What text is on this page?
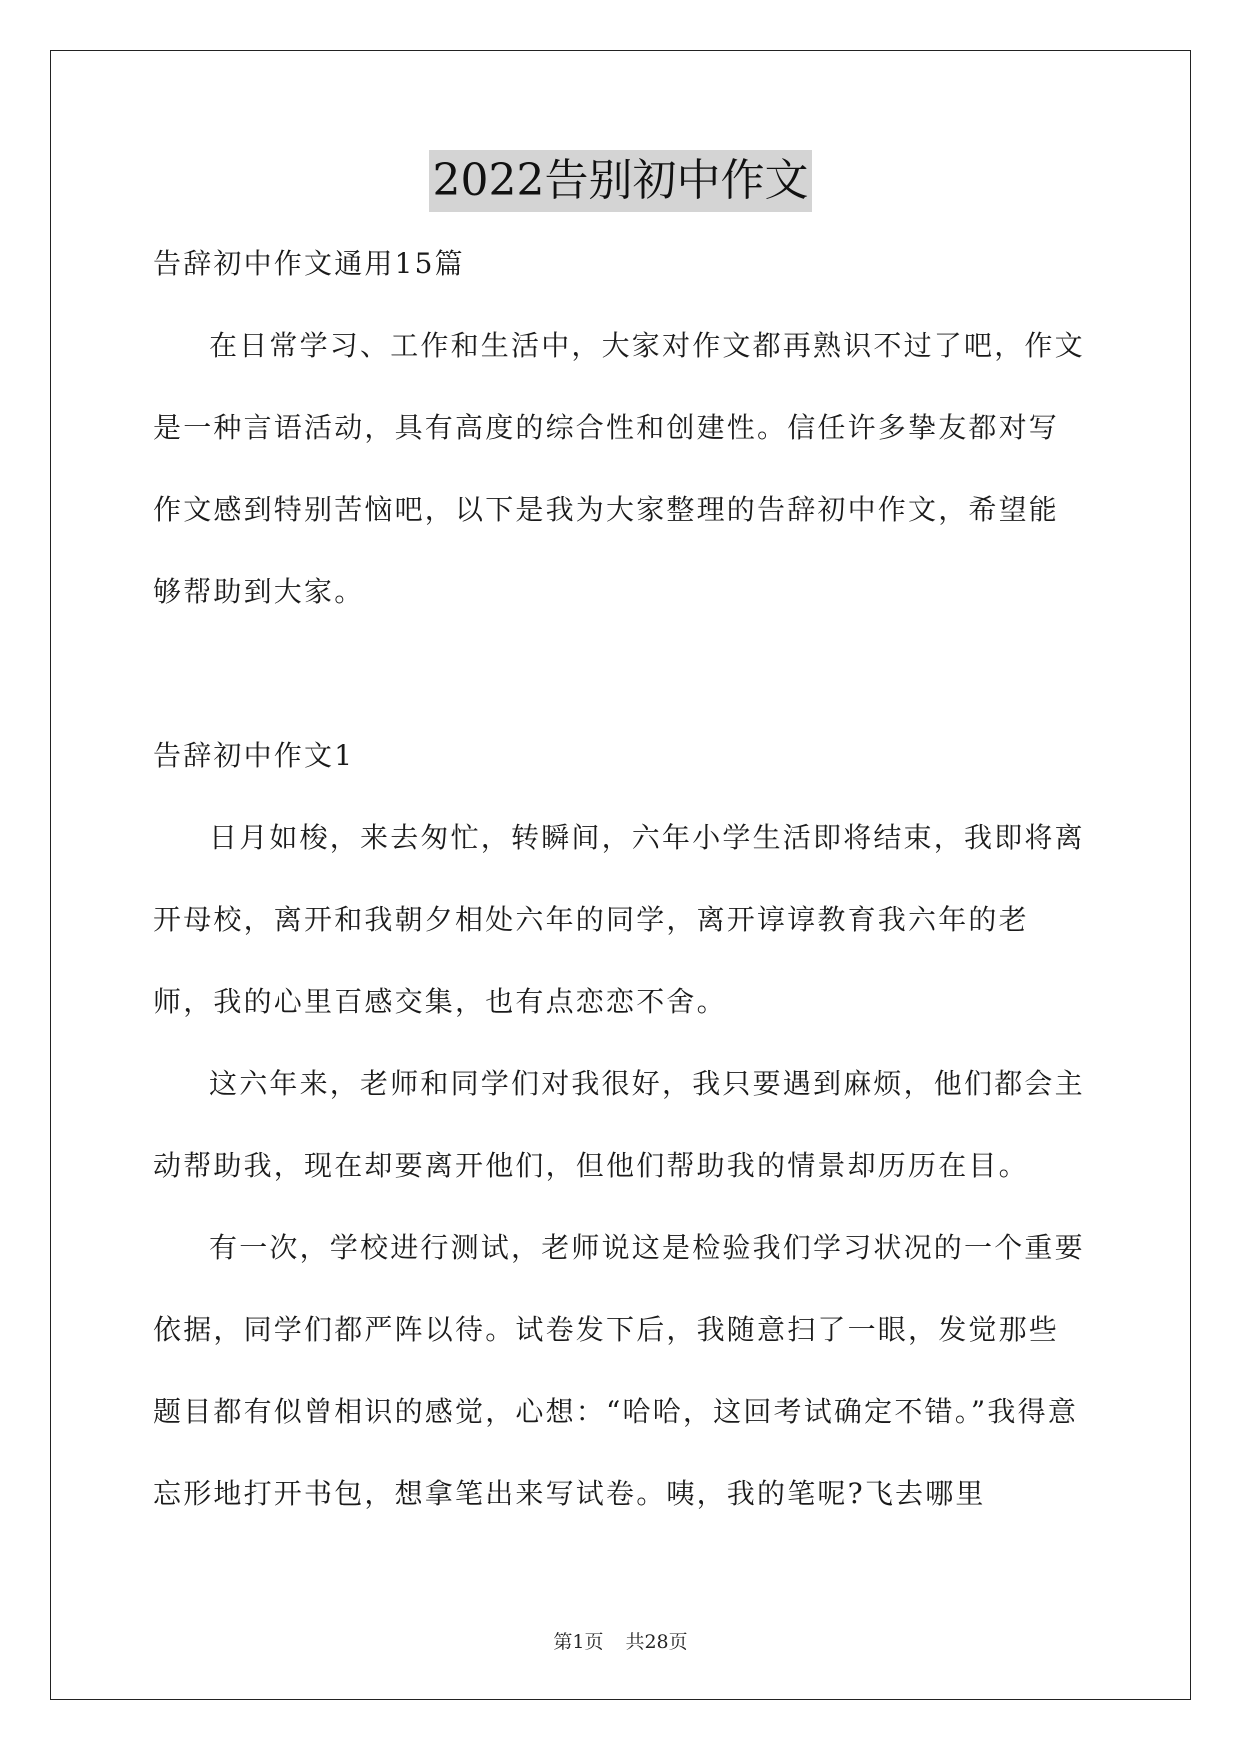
2022告别初中作文

告辞初中作文通用15篇

在日常学习、工作和生活中，大家对作文都再熟识不过了吧，作文是一种言语活动，具有高度的综合性和创建性。信任许多挚友都对写作文感到特别苦恼吧，以下是我为大家整理的告辞初中作文，希望能够帮助到大家。

告辞初中作文1

日月如梭，来去匆忙，转瞬间，六年小学生活即将结束，我即将离开母校，离开和我朝夕相处六年的同学，离开谆谆教育我六年的老师，我的心里百感交集，也有点恋恋不舍。

这六年来，老师和同学们对我很好，我只要遇到麻烦，他们都会主动帮助我，现在却要离开他们，但他们帮助我的情景却历历在目。

有一次，学校进行测试，老师说这是检验我们学习状况的一个重要依据，同学们都严阵以待。试卷发下后，我随意扫了一眼，发觉那些题目都有似曾相识的感觉，心想：“哈哈，这回考试确定不错。”我得意忘形地打开书包，想拿笔出来写试卷。咦，我的笔呢?飞去哪里

第1页 共28页
